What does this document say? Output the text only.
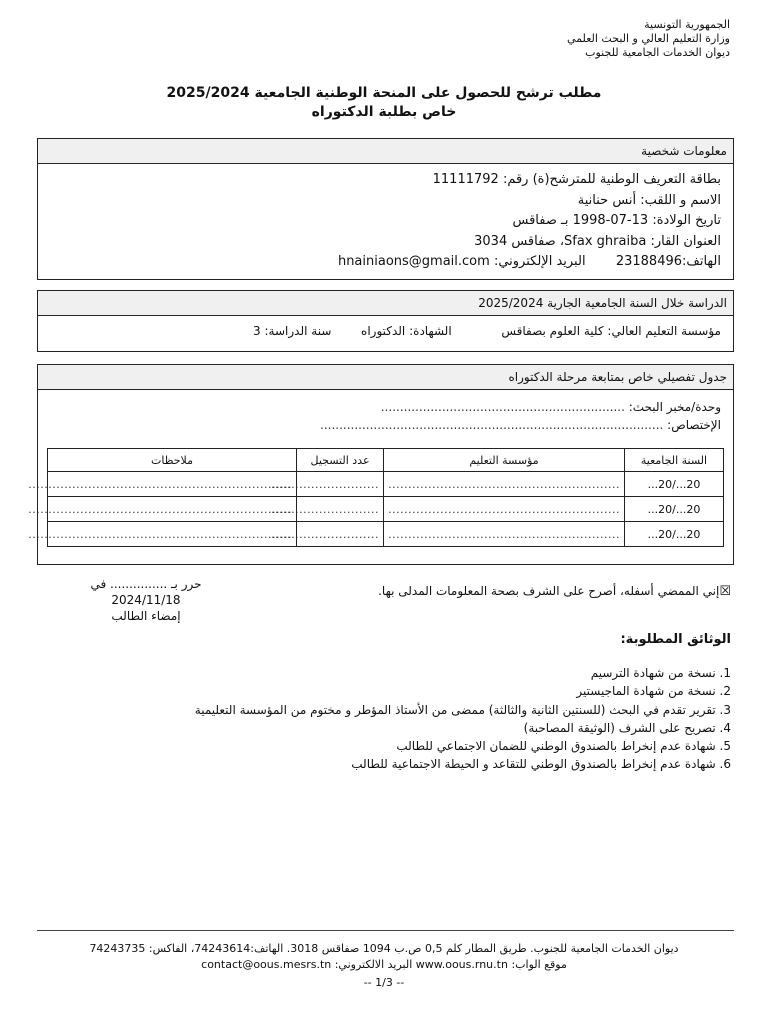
الجمهورية التونسية
وزارة التعليم العالي و البحث العلمي
ديوان الخدمات الجامعية للجنوب
مطلب ترشح للحصول على المنحة الوطنية الجامعية 2025/2024
خاص بطلبة الدكتوراه
معلومات شخصية
بطاقة التعريف الوطنية للمترشح(ة) رقم: 11111792
الاسم و اللقب: أنس حنانية
تاريخ الولادة: 13-07-1998 بـ صفاقس
العنوان القار: Sfax ghraiba، صفاقس 3034
الهاتف:23188496  البريد الإلكتروني: hnainiaons@gmail.com
الدراسة خلال السنة الجامعية الجارية 2025/2024
مؤسسة التعليم العالي: كلية العلوم بصفاقس  الشهادة: الدكتوراه  سنة الدراسة: 3
جدول تفصيلي خاص بمتابعة مرحلة الدكتوراه
وحدة/مخبر البحث: ................................................................
الإختصاص: ..........................................................................................
السنة الجامعية	مؤسسة التعليم	عدد التسجيل	ملاحظات
20.../20...	..........................................................	...........................	..................................................................
20.../20...	..........................................................	...........................	..................................................................
20.../20...	..........................................................	...........................	..................................................................
حرر بـ ............... في 2024/11/18
إمضاء الطالب
☒إني الممضي أسفله، أصرح على الشرف بصحة المعلومات المدلى بها.
الوثائق المطلوبة:
1. نسخة من شهادة الترسيم
2. نسخة من شهادة الماجيستير
3. تقرير تقدم في البحث (للسنتين الثانية والثالثة) ممضى من الأستاذ المؤطر و مختوم من المؤسسة التعليمية
4. تصريح على الشرف (الوثيقة المصاحبة)
5. شهادة عدم إنخراط بالصندوق الوطني للضمان الاجتماعي للطالب
6. شهادة عدم إنخراط بالصندوق الوطني للتقاعد و الحيطة الاجتماعية للطالب
ديوان الخدمات الجامعية للجنوب. طريق المطار كلم 0,5 ص.ب 1094 صفاقس 3018. الهاتف:74243614، الفاكس: 74243735
موقع الواب: www.oous.rnu.tn البريد الالكتروني: contact@oous.mesrs.tn
-- 1/3 --
